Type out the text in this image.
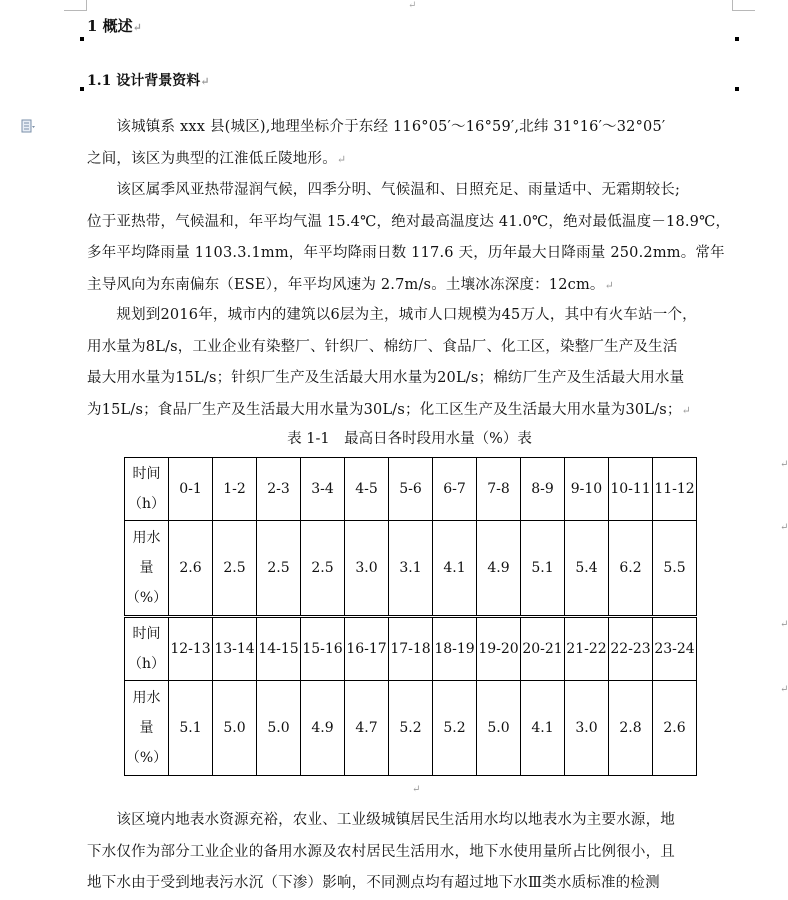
↵
1 概述↵
1.1 设计背景资料↵

　　该城镇系 xxx 县(城区),地理坐标介于东经 116°05′～16°59′,北纬 31°16′～32°05′

之间，该区为典型的江淮低丘陵地形。↵

　　该区属季风亚热带湿润气候，四季分明、气候温和、日照充足、雨量适中、无霜期较长;

位于亚热带，气候温和，年平均气温 15.4℃，绝对最高温度达 41.0℃，绝对最低温度－18.9℃，

多年平均降雨量 1103.3.1mm，年平均降雨日数 117.6 天，历年最大日降雨量 250.2mm。常年

主导风向为东南偏东（ESE），年平均风速为 2.7m/s。土壤冰冻深度：12cm。↵

　　规划到2016年，城市内的建筑以6层为主，城市人口规模为45万人，其中有火车站一个，

用水量为8L/s，工业企业有染整厂、针织厂、棉纺厂、食品厂、化工区，染整厂生产及生活

最大用水量为15L/s；针织厂生产及生活最大用水量为20L/s；棉纺厂生产及生活最大用水量

为15L/s；食品厂生产及生活最大用水量为30L/s；化工区生产及生活最大用水量为30L/s；↵

表 1-1　最高日各时段用水量（%）表
时间
（h）	0-1	1-2	2-3	3-4	4-5	5-6	6-7	7-8	8-9	9-10	10-11	11-12

用水
量
（%）	2.6	2.5	2.5	2.5	3.0	3.1	4.1	4.9	5.1	5.4	6.2	5.5

时间
（h）	12-13	13-14	14-15	15-16	16-17	17-18	18-19	19-20	20-21	21-22	22-23	23-24

用水
量
（%）	5.1	5.0	5.0	4.9	4.7	5.2	5.2	5.0	4.1	3.0	2.8	2.6
↵
↵
↵
↵
↵

　　该区境内地表水资源充裕，农业、工业级城镇居民生活用水均以地表水为主要水源，地

下水仅作为部分工业企业的备用水源及农村居民生活用水，地下水使用量所占比例很小，且

地下水由于受到地表污水沉（下渗）影响，不同测点均有超过地下水Ⅲ类水质标准的检测
